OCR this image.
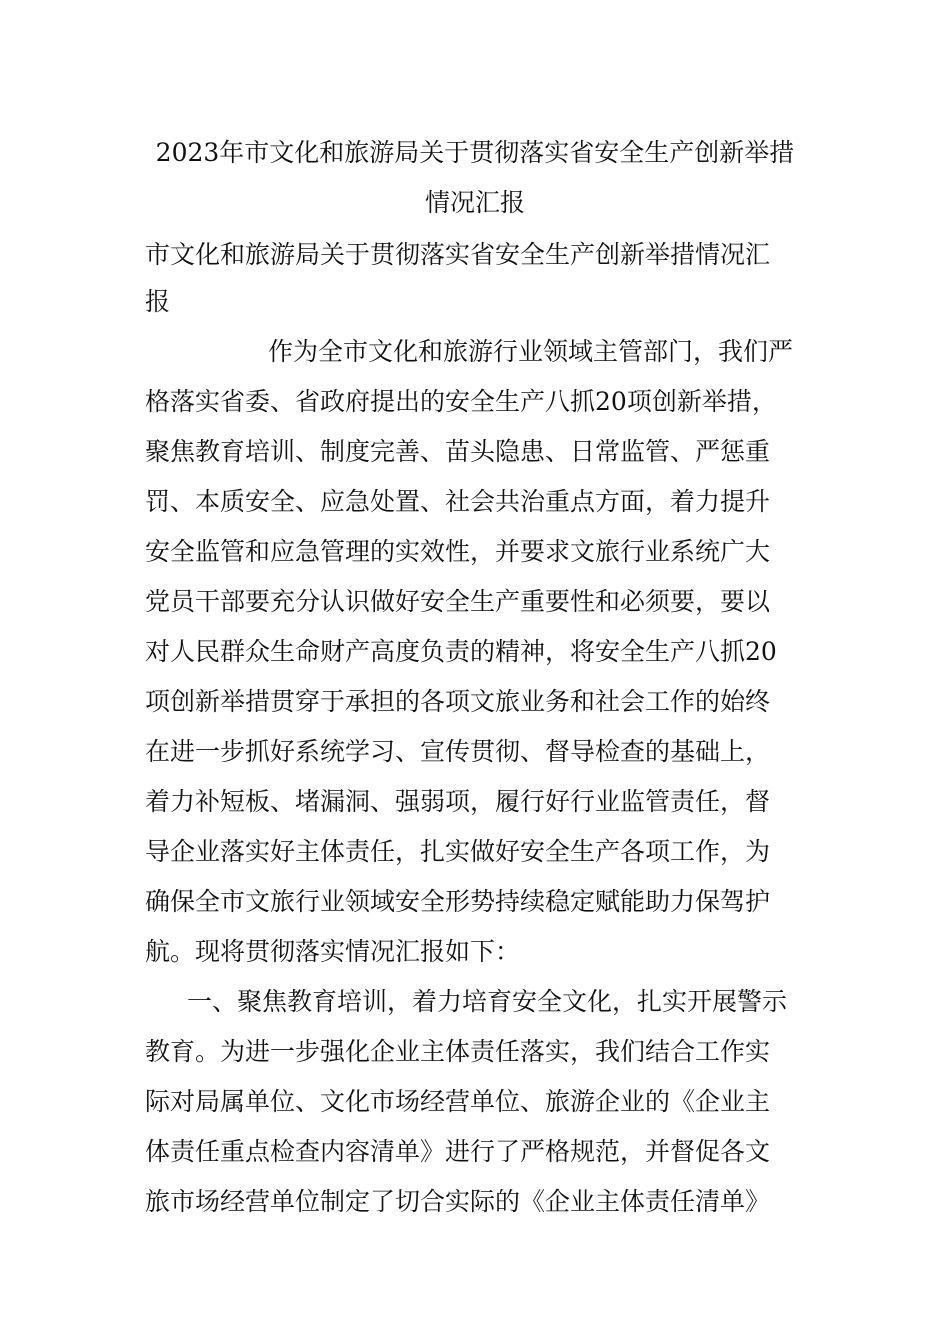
2023年市文化和旅游局关于贯彻落实省安全生产创新举措
情况汇报

市文化和旅游局关于贯彻落实省安全生产创新举措情况汇

报

作为全市文化和旅游行业领域主管部门，我们严

格落实省委、省政府提出的安全生产八抓20项创新举措，

聚焦教育培训、制度完善、苗头隐患、日常监管、严惩重

罚、本质安全、应急处置、社会共治重点方面，着力提升

安全监管和应急管理的实效性，并要求文旅行业系统广大

党员干部要充分认识做好安全生产重要性和必须要，要以

对人民群众生命财产高度负责的精神，将安全生产八抓20

项创新举措贯穿于承担的各项文旅业务和社会工作的始终

在进一步抓好系统学习、宣传贯彻、督导检查的基础上，

着力补短板、堵漏洞、强弱项，履行好行业监管责任，督

导企业落实好主体责任，扎实做好安全生产各项工作，为

确保全市文旅行业领域安全形势持续稳定赋能助力保驾护

航。现将贯彻落实情况汇报如下：

一、聚焦教育培训，着力培育安全文化，扎实开展警示

教育。为进一步强化企业主体责任落实，我们结合工作实

际对局属单位、文化市场经营单位、旅游企业的《企业主

体责任重点检查内容清单》进行了严格规范，并督促各文

旅市场经营单位制定了切合实际的《企业主体责任清单》
